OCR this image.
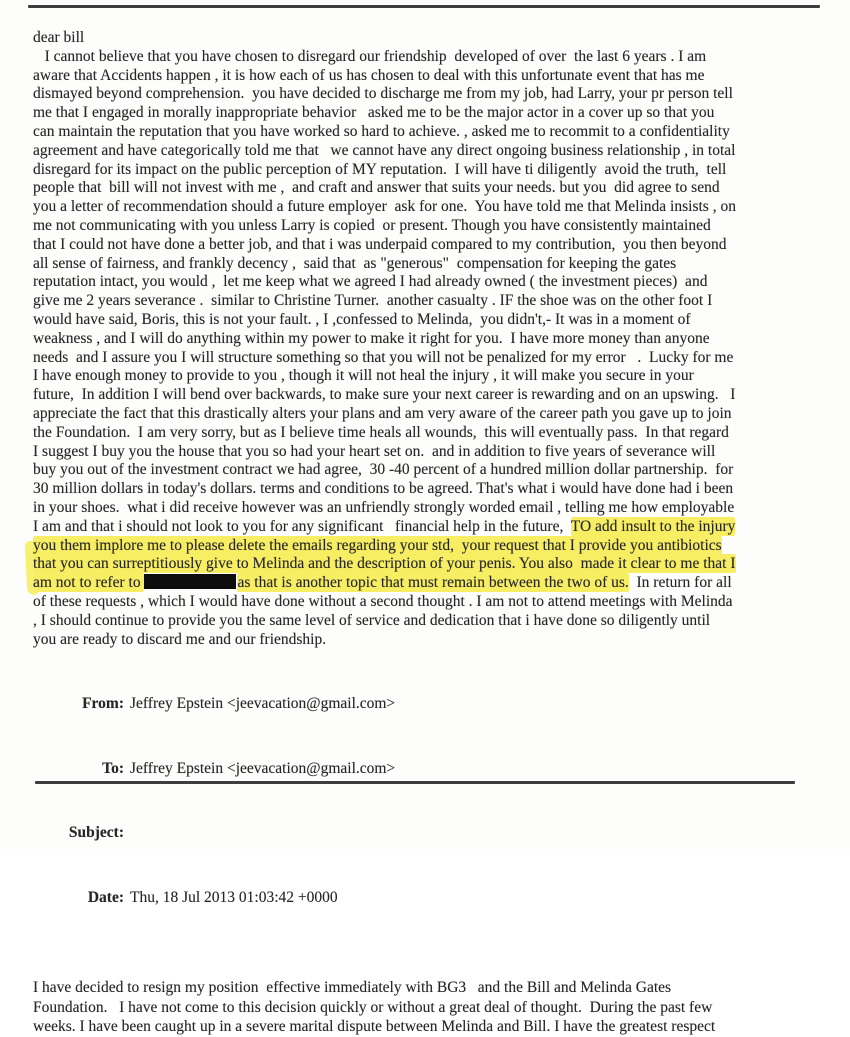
dear bill
I cannot believe that you have chosen to disregard our friendship  developed of over  the last 6 years . I am
aware that Accidents happen , it is how each of us has chosen to deal with this unfortunate event that has me
dismayed beyond comprehension.  you have decided to discharge me from my job, had Larry, your pr person tell
me that I engaged in morally inappropriate behavior   asked me to be the major actor in a cover up so that you
can maintain the reputation that you have worked so hard to achieve. , asked me to recommit to a confidentiality
agreement and have categorically told me that   we cannot have any direct ongoing business relationship , in total
disregard for its impact on the public perception of MY reputation.  I will have ti diligently  avoid the truth,  tell
people that  bill will not invest with me ,  and craft and answer that suits your needs. but you  did agree to send
you a letter of recommendation should a future employer  ask for one.  You have told me that Melinda insists , on
me not communicating with you unless Larry is copied  or present. Though you have consistently maintained
that I could not have done a better job, and that i was underpaid compared to my contribution,  you then beyond
all sense of fairness, and frankly decency ,  said that  as "generous"  compensation for keeping the gates
reputation intact, you would ,  let me keep what we agreed I had already owned ( the investment pieces)  and
give me 2 years severance .  similar to Christine Turner.  another casualty . IF the shoe was on the other foot I
would have said, Boris, this is not your fault. , I ,confessed to Melinda,  you didn't,- It was in a moment of
weakness , and I will do anything within my power to make it right for you.  I have more money than anyone
needs  and I assure you I will structure something so that you will not be penalized for my error   .  Lucky for me
I have enough money to provide to you , though it will not heal the injury , it will make you secure in your
future,  In addition I will bend over backwards, to make sure your next career is rewarding and on an upswing.   I
appreciate the fact that this drastically alters your plans and am very aware of the career path you gave up to join
the Foundation.  I am very sorry, but as I believe time heals all wounds,  this will eventually pass.  In that regard
I suggest I buy you the house that you so had your heart set on.  and in addition to five years of severance will
buy you out of the investment contract we had agree,  30 -40 percent of a hundred million dollar partnership.  for
30 million dollars in today's dollars. terms and conditions to be agreed. That's what i would have done had i been
in your shoes.  what i did receive however was an unfriendly strongly worded email , telling me how employable
I am and that i should not look to you for any significant   financial help in the future,  TO add insult to the injury
you them implore me to please delete the emails regarding your std,  your request that I provide you antibiotics
that you can surreptitiously give to Melinda and the description of your penis. You also  made it clear to me that I
am not to refer to	as that is another topic that must remain between the two of us.  In return for all
of these requests , which I would have done without a second thought . I am not to attend meetings with Melinda
, I should continue to provide you the same level of service and dedication that i have done so diligently until
you are ready to discard me and our friendship.

From: Jeffrey Epstein <jeevacation@gmail.com>

To: Jeffrey Epstein <jeevacation@gmail.com>

Subject:

Date: Thu, 18 Jul 2013 01:03:42 +0000

I have decided to resign my position  effective immediately with BG3   and the Bill and Melinda Gates
Foundation.   I have not come to this decision quickly or without a great deal of thought.  During the past few
weeks. I have been caught up in a severe marital dispute between Melinda and Bill. I have the greatest respect
